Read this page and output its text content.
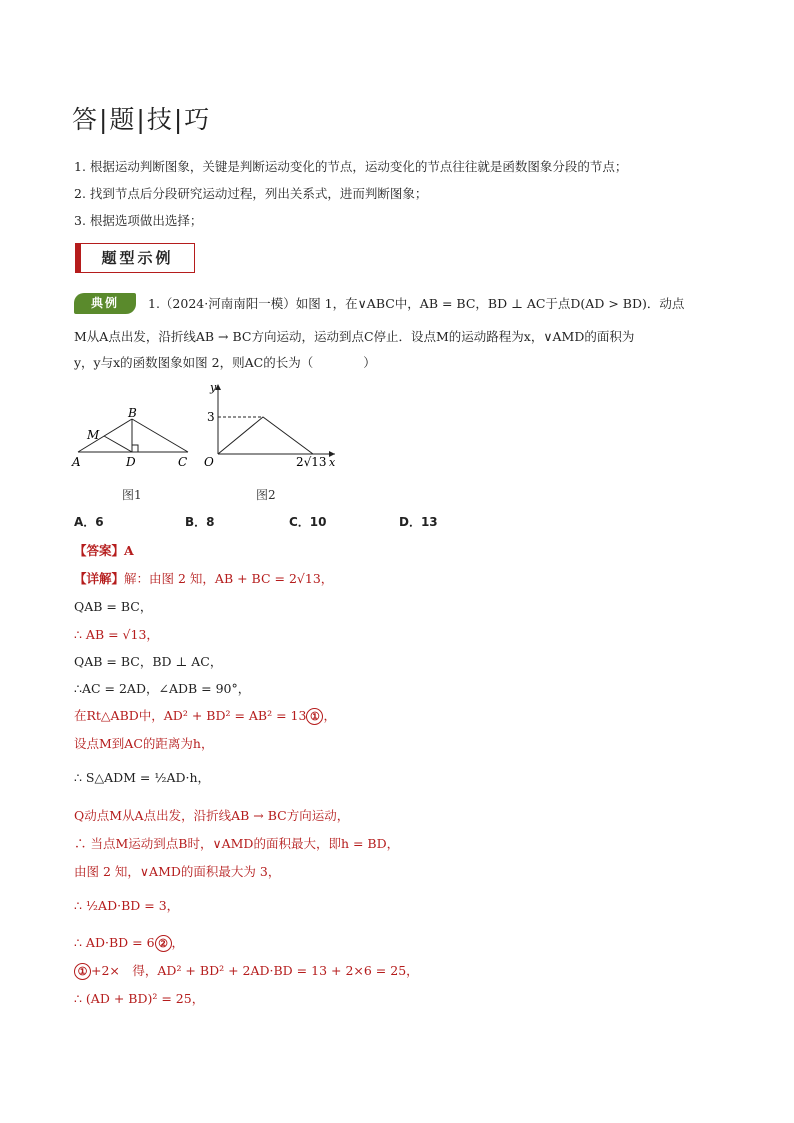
答|题|技|巧
1. 根据运动判断图象，关键是判断运动变化的节点，运动变化的节点往往就是函数图象分段的节点；
2. 找到节点后分段研究运动过程，列出关系式，进而判断图象；
3. 根据选项做出选择；
题型示例
典例	1.（2024·河南南阳一模）如图 1，在∨ABC中，AB = BC，BD ⊥ AC于点D(AD > BD)．动点
M从A点出发，沿折线AB → BC方向运动，运动到点C停止．设点M的运动路程为x，∨AMD的面积为
y，y与x的函数图象如图 2，则AC的长为（　　　　）
A
B
C
D
M
图1
y
x
O
3
2√13
图2
A．6	B．8	C．10	D．13
【答案】A
【详解】解：由图 2 知，AB + BC = 2√13，
QAB = BC，
∴ AB = √13，
QAB = BC，BD ⊥ AC，
∴AC = 2AD，∠ADB = 90°，
在Rt△ABD中，AD² + BD² = AB² = 13 ① ，
设点M到AC的距离为h，
∴ S△ADM = ½AD·h，
Q动点M从A点出发，沿折线AB → BC方向运动，
∴ 当点M运动到点B时，∨AMD的面积最大，即h = BD，
由图 2 知，∨AMD的面积最大为 3，
∴ ½AD·BD = 3，
∴ AD·BD = 6 ② ，
① +2×　得，AD² + BD² + 2AD·BD = 13 + 2×6 = 25，
∴ (AD + BD)² = 25，
